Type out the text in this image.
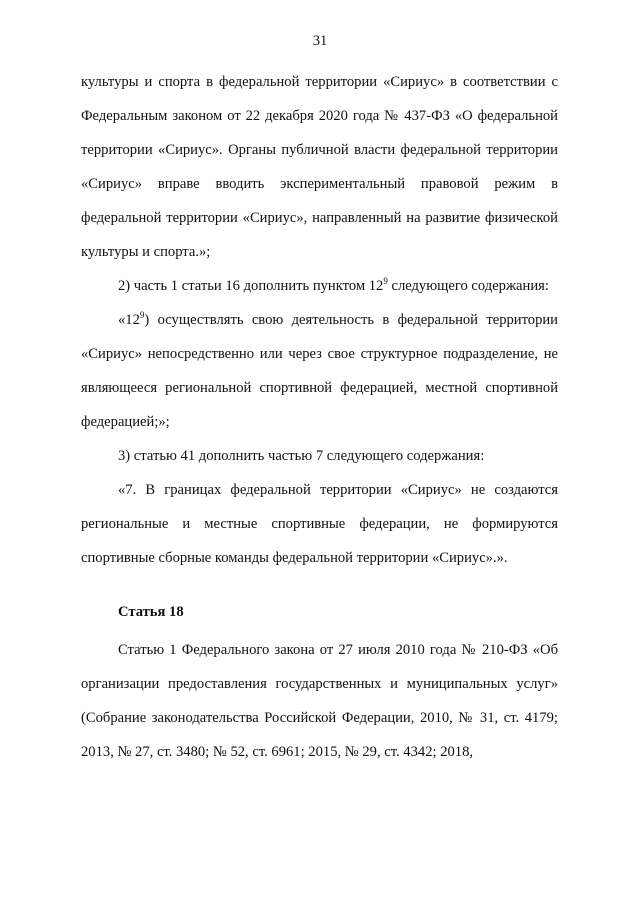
31

культуры и спорта в федеральной территории «Сириус» в соответствии с Федеральным законом от 22 декабря 2020 года № 437-ФЗ «О федеральной территории «Сириус». Органы публичной власти федеральной территории «Сириус» вправе вводить экспериментальный правовой режим в федеральной территории «Сириус», направленный на развитие физической культуры и спорта.»;

2) часть 1 статьи 16 дополнить пунктом $12^9$ следующего содержания:

«$12^9$) осуществлять свою деятельность в федеральной территории «Сириус» непосредственно или через свое структурное подразделение, не являющееся региональной спортивной федерацией, местной спортивной федерацией;»;

3) статью 41 дополнить частью 7 следующего содержания:

«7. В границах федеральной территории «Сириус» не создаются региональные и местные спортивные федерации, не формируются спортивные сборные команды федеральной территории «Сириус».».

Статья 18

Статью 1 Федерального закона от 27 июля 2010 года № 210-ФЗ «Об организации предоставления государственных и муниципальных услуг» (Собрание законодательства Российской Федерации, 2010, № 31, ст. 4179; 2013, № 27, ст. 3480; № 52, ст. 6961; 2015, № 29, ст. 4342; 2018,
